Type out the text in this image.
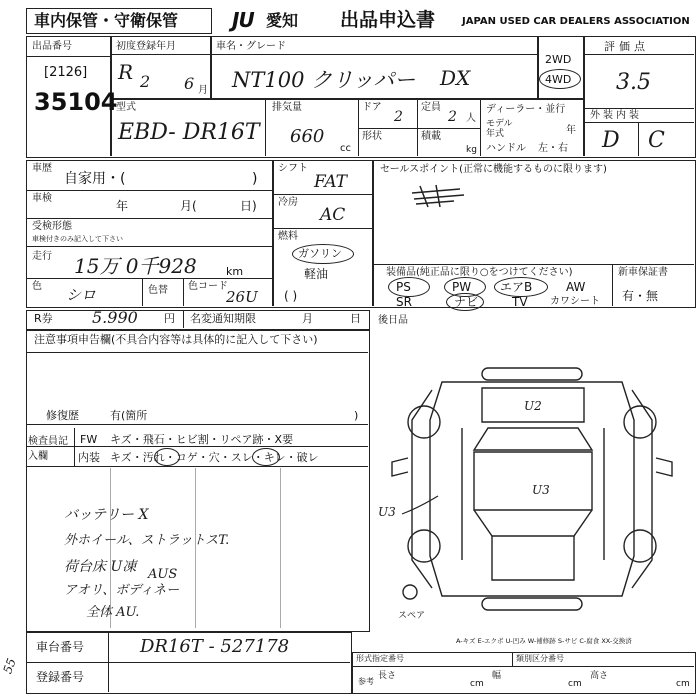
車内保管・守衛保管	JU 愛知 出品申込書	JAPAN USED CAR DEALERS ASSOCIATION
出品番号
[2126]
35104
初度登録年月
R 2 6 月
車名・グレード
NT100 クリッパー DX
2WD
4WD
評価点
3.5
外装内装
D C
型式
EBD- DR16T
排気量
660
cc
ドア
2
定員
2 人
形状	積載
kg
ディーラー・並行
モデル年式	年
ハンドル 左・右
車歴
自家用・(	)
車検
年	月(	日)
受検形態
車検付きのみ記入して下さい
走行 15万 0千928	km
色 シロ	色替 色コード
26U
シフト
FAT
冷房
AC
燃料
ガソリン
軽油
( )
セールスポイント(正常に機能するものに限ります)
装備品(純正品に限り○をつけてください)
PS	PW エアB	AW
SR	ナビ	TV カワシート
新車保証書
有・無
R券 5.990 円 名変通知期限	月	日 後日品
注意事項申告欄(不具合内容等は具体的に記入して下さい)
修復歴	有(箇所	)
検査員記入欄
FW キズ・飛石・ヒビ割・リペア跡・X要
内装 キズ・汚れ・コゲ・穴・スレ・キレ・破レ
バッテリー X
外ホイール、ストラットスT.
荷台床 U凍
アオリ、ボディネー
全体 AU.
AUS
U2
U3
U3
スペア
A-キズ E-エクボ U-凹み W-補修跡 S-サビ C-腐食 XX-交換済
車台番号	DR16T - 527178
登録番号
形式指定番号	類別区分番号
参考
長さ
cm
幅
cm
高さ
cm
55
